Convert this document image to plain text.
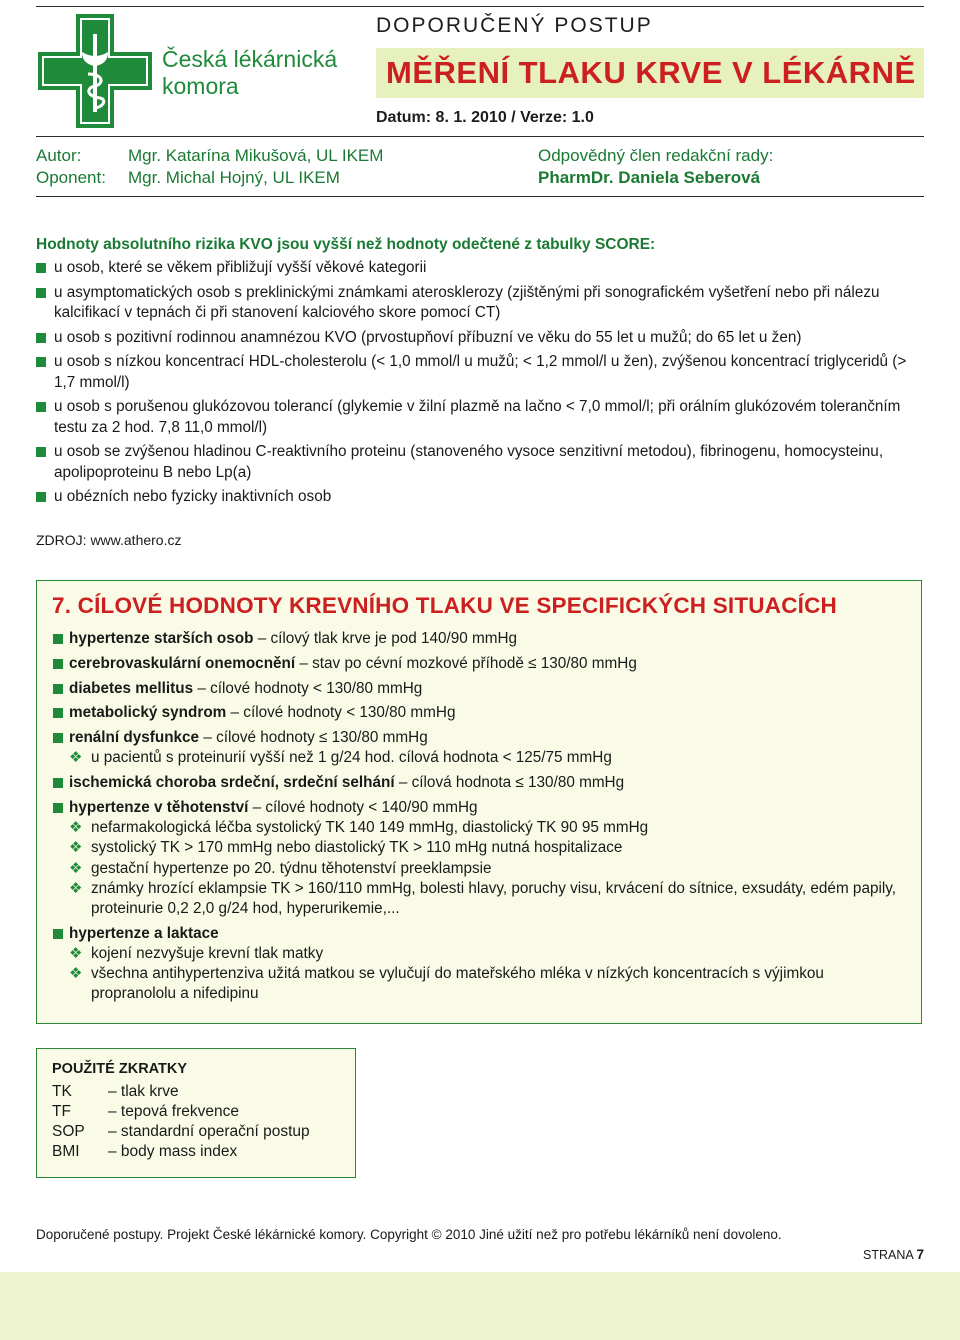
Česká lékárnická
komora
DOPORUČENÝ POSTUP
MĚŘENÍ TLAKU KRVE V LÉKÁRNĚ
Datum: 8. 1. 2010 / Verze: 1.0
Autor:	Mgr. Katarína Mikušová, UL IKEM
Oponent: Mgr. Michal Hojný, UL IKEM
Odpovědný člen redakční rady:
PharmDr. Daniela Seberová
Hodnoty absolutního rizika KVO jsou vyšší než hodnoty odečtené z tabulky SCORE:
u osob, které se věkem přibližují vyšší věkové kategorii
u asymptomatických osob s preklinickými známkami aterosklerozy (zjištěnými při sonografickém vyšetření nebo při nálezu kalcifikací v tepnách či při stanovení kalciového skore pomocí CT)
u osob s pozitivní rodinnou anamnézou KVO (prvostupňoví příbuzní ve věku do 55 let u mužů; do 65 let u žen)
u osob s nízkou koncentrací HDL-cholesterolu (< 1,0 mmol/l u mužů; < 1,2 mmol/l u žen), zvýšenou koncentrací triglyceridů (> 1,7 mmol/l)
u osob s porušenou glukózovou tolerancí (glykemie v žilní plazmě na lačno < 7,0 mmol/l; při orálním glukózovém tolerančním testu za 2 hod. 7,8 11,0 mmol/l)
u osob se zvýšenou hladinou C-reaktivního proteinu (stanoveného vysoce senzitivní metodou), fibrinogenu, homocysteinu, apolipoproteinu B nebo Lp(a)
u obézních nebo fyzicky inaktivních osob
ZDROJ: www.athero.cz
7. CÍLOVÉ HODNOTY KREVNÍHO TLAKU VE SPECIFICKÝCH SITUACÍCH
hypertenze starších osob – cílový tlak krve je pod 140/90 mmHg
cerebrovaskulární onemocnění – stav po cévní mozkové příhodě ≤ 130/80 mmHg
diabetes mellitus – cílové hodnoty < 130/80 mmHg
metabolický syndrom – cílové hodnoty < 130/80 mmHg
renální dysfunkce – cílové hodnoty ≤ 130/80 mmHg
❖ u pacientů s proteinurií vyšší než 1 g/24 hod. cílová hodnota < 125/75 mmHg
ischemická choroba srdeční, srdeční selhání – cílová hodnota ≤ 130/80 mmHg
hypertenze v těhotenství – cílové hodnoty < 140/90 mmHg
❖ nefarmakologická léčba systolický TK 140 149 mmHg, diastolický TK 90 95 mmHg
❖ systolický TK > 170 mmHg nebo diastolický TK > 110 mHg nutná hospitalizace
❖ gestační hypertenze po 20. týdnu těhotenství preeklampsie
❖ známky hrozící eklampsie TK > 160/110 mmHg, bolesti hlavy, poruchy visu, krvácení do sítnice, exsudáty, edém papily, proteinurie 0,2 2,0 g/24 hod, hyperurikemie,...
hypertenze a laktace
❖ kojení nezvyšuje krevní tlak matky
❖ všechna antihypertenziva užitá matkou se vylučují do mateřského mléka v nízkých koncentracích s výjimkou propranololu a nifedipinu
POUŽITÉ ZKRATKY
TK – tlak krve
TF – tepová frekvence
SOP – standardní operační postup
BMI – body mass index
Doporučené postupy. Projekt České lékárnické komory. Copyright © 2010 Jiné užití než pro potřebu lékárníků není dovoleno.
STRANA 7
